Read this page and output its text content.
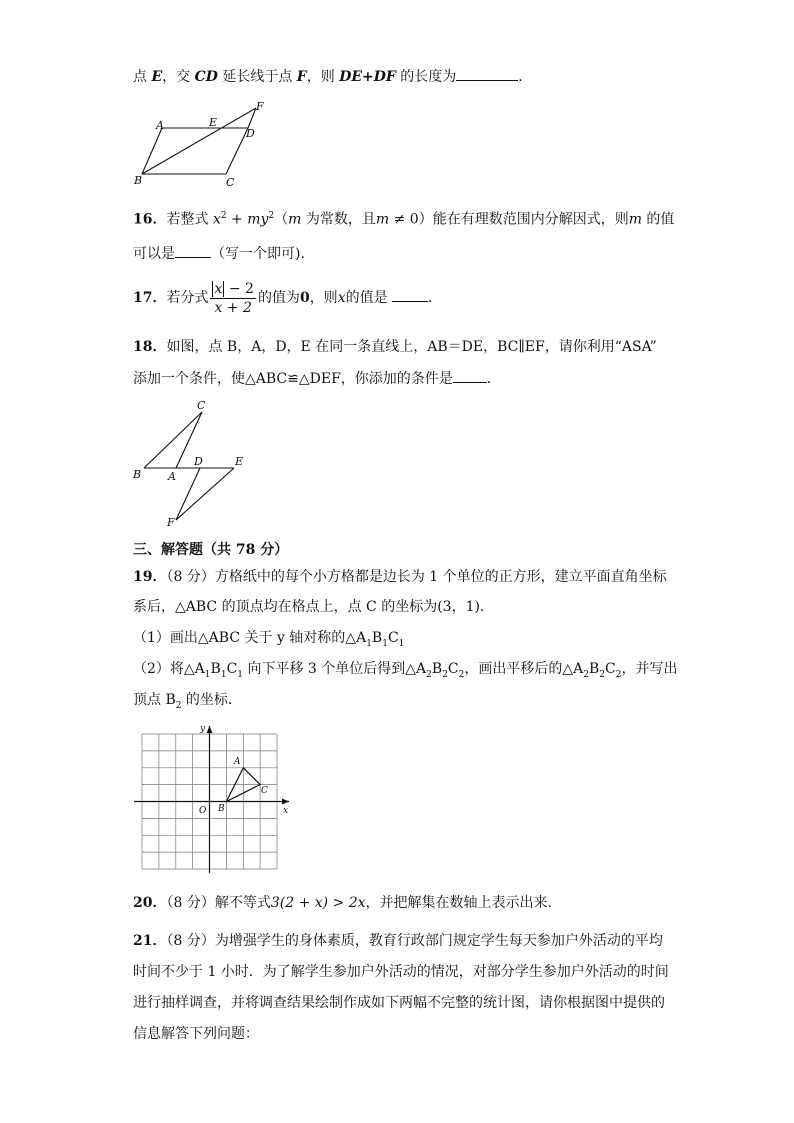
点 E，交 CD 延长线于点 F，则 DE+DF 的长度为	．
F
A	E
D
B	C
16．若整式 $x^2 + my^2(m$ 为常数，且m ≠ 0）能在有理数范围内分解因式，则m 的值
可以是	（写一个即可).
17．若分式 $\frac{x - 2}{x + 2}$ 的值为0，则x的值是	．
18．如图，点 B，A，D，E 在同一条直线上，AB＝DE，BC∥EF，请你利用“ASA”
添加一个条件，使△ABC≌△DEF，你添加的条件是 ．
C
D	E
B A
F
三、解答题（共 78 分）
19．（8 分）方格纸中的每个小方格都是边长为 1 个单位的正方形，建立平面直角坐标
系后，△ABC 的顶点均在格点上，点 C 的坐标为(3，1)．
（1）画出△ABC 关于 y 轴对称的$\triangle A_1B_1C_1$
（2）将$\triangle A_1B_1C_1$ 向下平移 3 个单位后得到$\triangle A_2B_2C_2$，画出平移后的$\triangle A_2B_2C_2$，并写出
顶点 $B_2$ 的坐标．
y
x
O
A
B
C
20．（8 分）解不等式3(2 + x) > 2x，并把解集在数轴上表示出来.
21．（8 分）为增强学生的身体素质，教育行政部门规定学生每天参加户外活动的平均
时间不少于 1 小时．为了解学生参加户外活动的情况，对部分学生参加户外活动的时间
进行抽样调查，并将调查结果绘制作成如下两幅不完整的统计图，请你根据图中提供的
信息解答下列问题：
